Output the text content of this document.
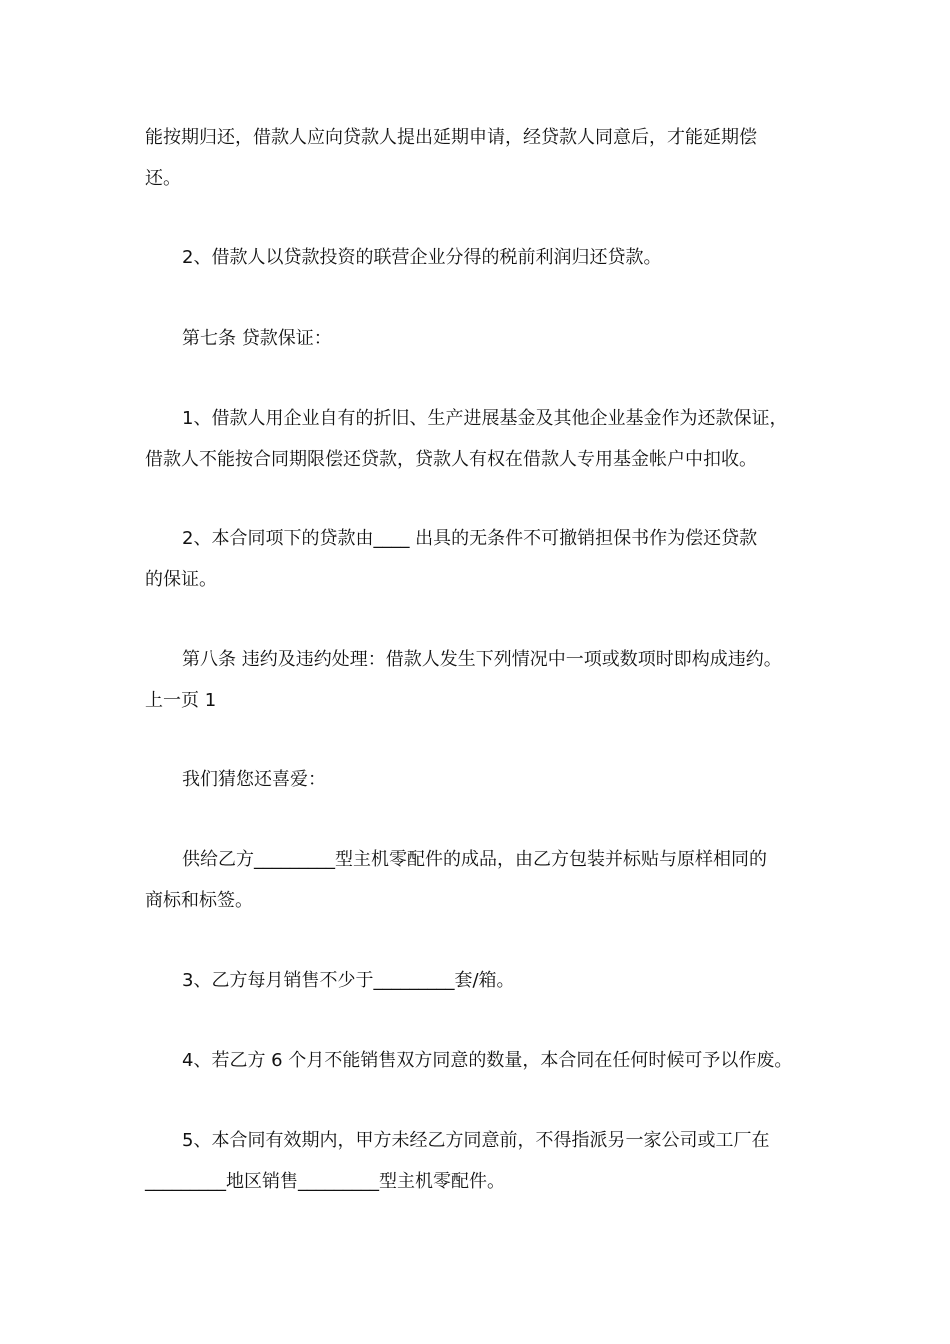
能按期归还，借款人应向贷款人提出延期申请，经贷款人同意后，才能延期偿
还。
2、借款人以贷款投资的联营企业分得的税前利润归还贷款。
第七条 贷款保证：
1、借款人用企业自有的折旧、生产进展基金及其他企业基金作为还款保证，
借款人不能按合同期限偿还贷款，贷款人有权在借款人专用基金帐户中扣收。
2、本合同项下的贷款由____ 出具的无条件不可撤销担保书作为偿还贷款
的保证。
第八条 违约及违约处理：借款人发生下列情况中一项或数项时即构成违约。
上一页 1
我们猜您还喜爱：
供给乙方_________型主机零配件的成品，由乙方包装并标贴与原样相同的
商标和标签。
3、乙方每月销售不少于_________套/箱。
4、若乙方 6 个月不能销售双方同意的数量，本合同在任何时候可予以作废。
5、本合同有效期内，甲方未经乙方同意前，不得指派另一家公司或工厂在
_________地区销售_________型主机零配件。
